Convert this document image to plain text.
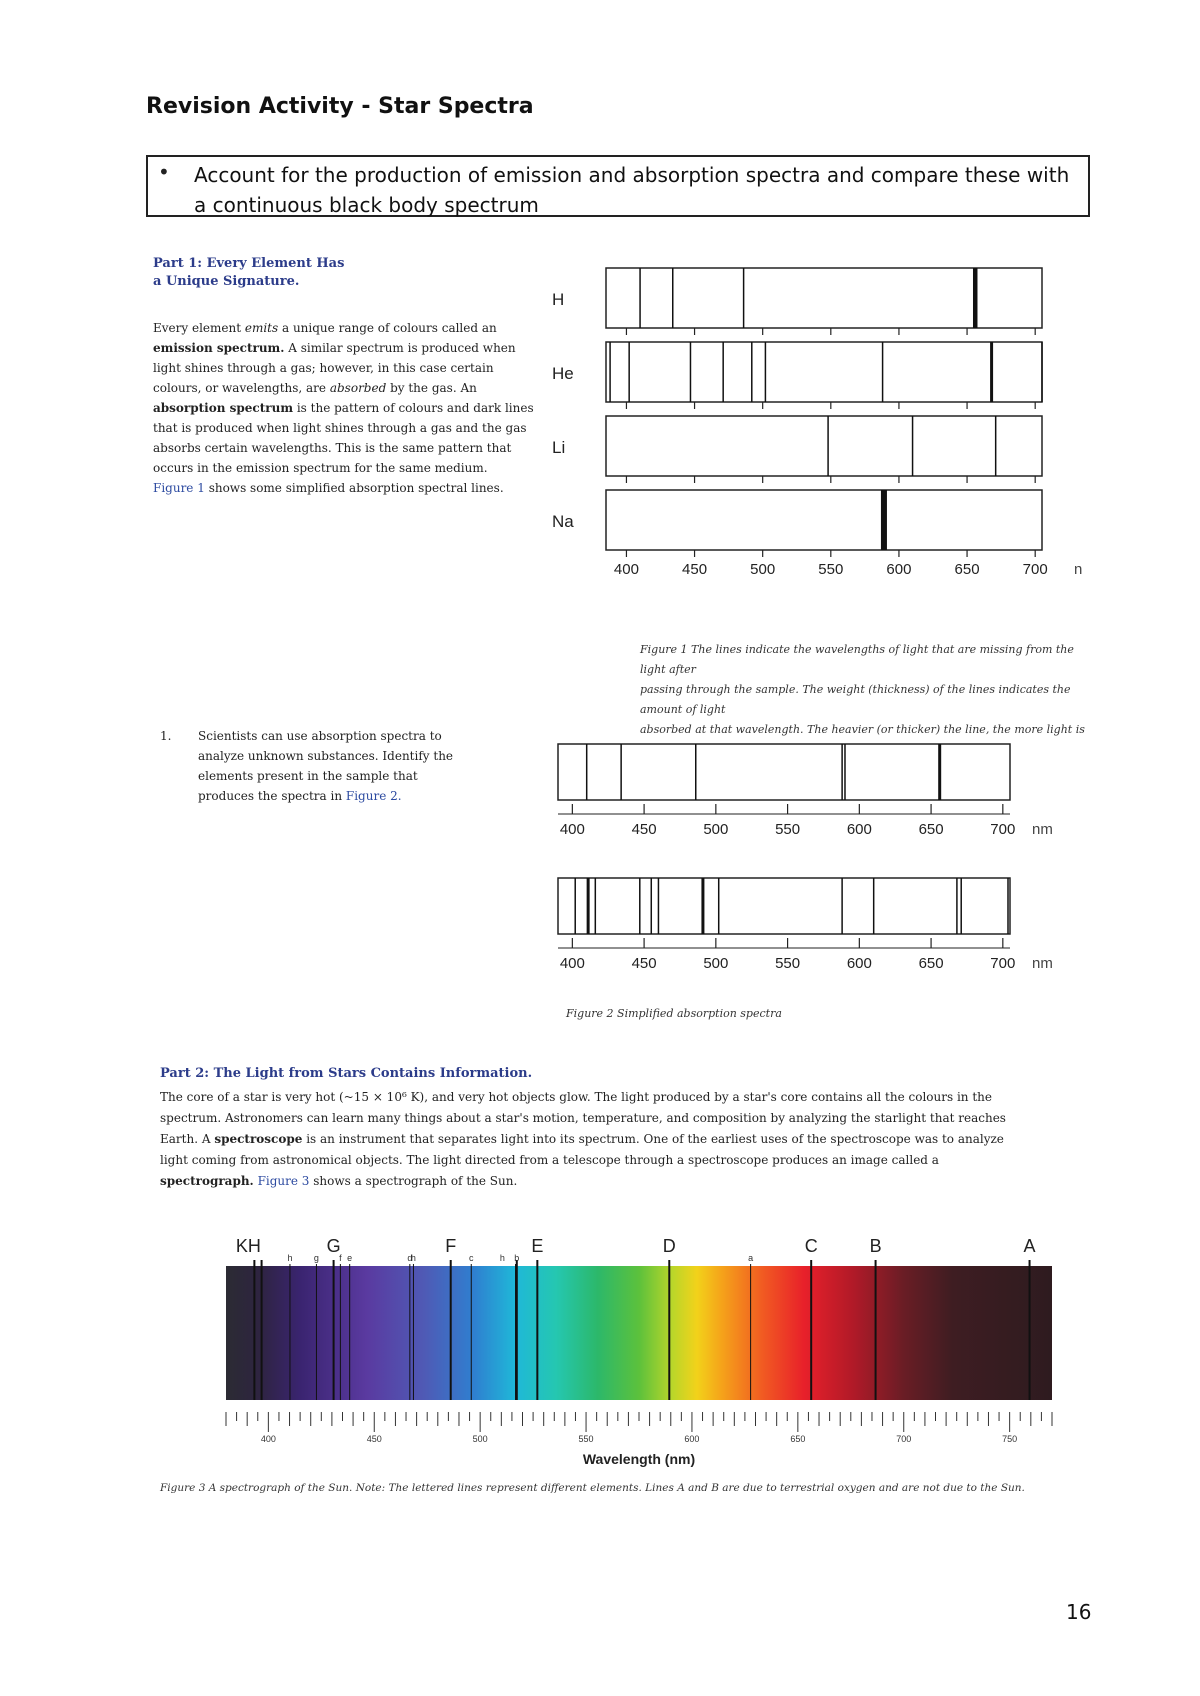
Revision Activity - Star Spectra
• Account for the production of emission and absorption spectra and compare these with a continuous black body spectrum
Part 1: Every Element Has
a Unique Signature.
Every element emits a unique range of colours called an
emission spectrum. A similar spectrum is produced when
light shines through a gas; however, in this case certain
colours, or wavelengths, are absorbed by the gas. An
absorption spectrum is the pattern of colours and dark lines
that is produced when light shines through a gas and the gas
absorbs certain wavelengths. This is the same pattern that
occurs in the emission spectrum for the same medium.
Figure 1 shows some simplified absorption spectral lines.
H
He
Li
Na
400	450	500	550	600	650	700 n
Figure 1 The lines indicate the wavelengths of light that are missing from the light after
passing through the sample. The weight (thickness) of the lines indicates the amount of light
absorbed at that wavelength. The heavier (or thicker) the line, the more light is
1. Scientists can use absorption spectra to
analyze unknown substances. Identify the
elements present in the sample that
produces the spectra in Figure 2.
400	450	500	550	600	650	700 nm
400	450	500	550	600	650	700 nm
Figure 2 Simplified absorption spectra
Part 2: The Light from Stars Contains Information.
The core of a star is very hot (~15 × 10⁶ K), and very hot objects glow. The light produced by a star's core contains all the colours in the
spectrum. Astronomers can learn many things about a star's motion, temperature, and composition by analyzing the starlight that reaches
Earth. A spectroscope is an instrument that separates light into its spectrum. One of the earliest uses of the spectroscope was to analyze
light coming from astronomical objects. The light directed from a telescope through a spectroscope produces an image called a
spectrograph. Figure 3 shows a spectrograph of the Sun.
KH	G	F	E	D	C	B	A
h g f e	d
h	c	h b	a
400	450	500	550	600	650	700	750
Wavelength (nm)
Figure 3 A spectrograph of the Sun. Note: The lettered lines represent different elements. Lines A and B are due to terrestrial oxygen and are not due to the Sun.
16
